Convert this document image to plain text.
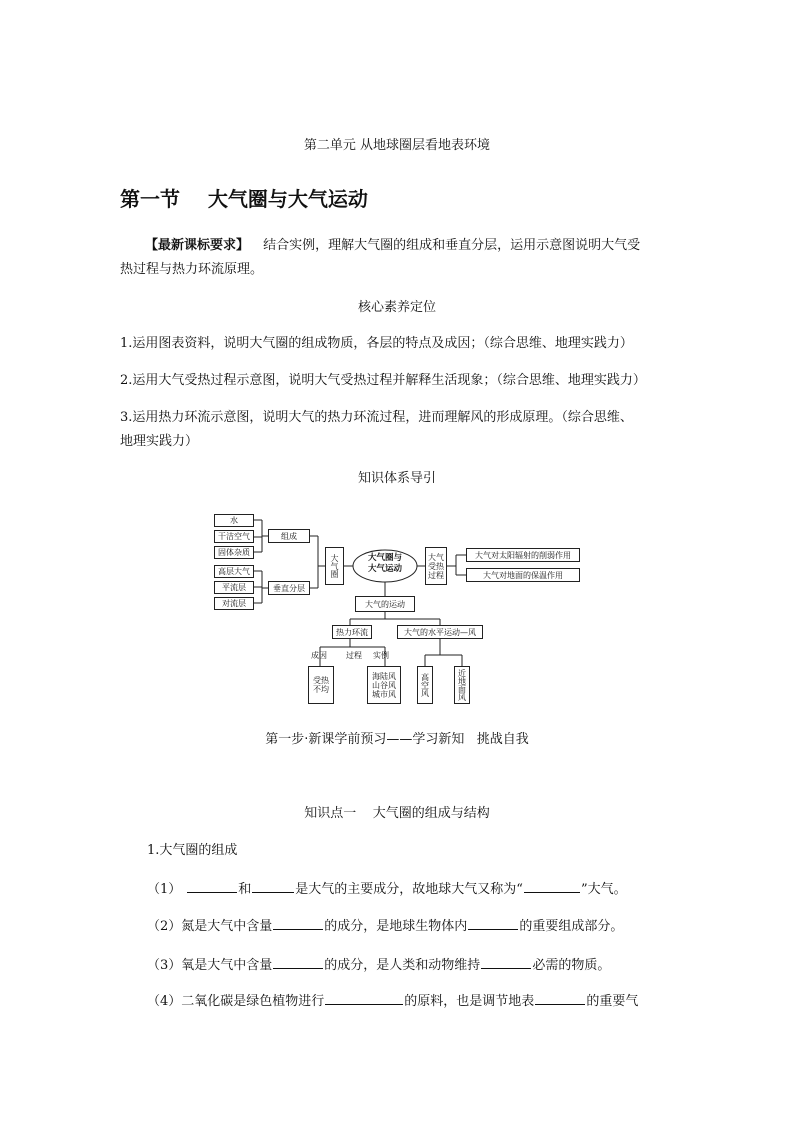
第二单元 从地球圈层看地表环境
第一节    大气圈与大气运动
【最新课标要求】 结合实例，理解大气圈的组成和垂直分层，运用示意图说明大气受
热过程与热力环流原理。
核心素养定位
1.运用图表资料，说明大气圈的组成物质，各层的特点及成因；（综合思维、地理实践力）
2.运用大气受热过程示意图，说明大气受热过程并解释生活现象；（综合思维、地理实践力）
3.运用热力环流示意图，说明大气的热力环流过程，进而理解风的形成原理。（综合思维、
地理实践力）
知识体系导引
水
干洁空气
固体杂质
高层大气
平流层
对流层
组成
垂直分层
大气圈	大气圈与
大气运动
大气受热过程
大气对太阳辐射的削弱作用
大气对地面的保温作用
大气的运动
热力环流	大气的水平运动—风
成因 过程 实例
受热不均
海陆风
山谷风
城市风	高空风	近地面风
第一步·新课学前预习——学习新知   挑战自我
知识点一    大气圈的组成与结构
1.大气圈的组成
（1）	和	是大气的主要成分，故地球大气又称为“	”大气。
（2）氮是大气中含量	的成分，是地球生物体内	的重要组成部分。
（3）氧是大气中含量	的成分，是人类和动物维持	必需的物质。
（4）二氧化碳是绿色植物进行	的原料，也是调节地表	的重要气
